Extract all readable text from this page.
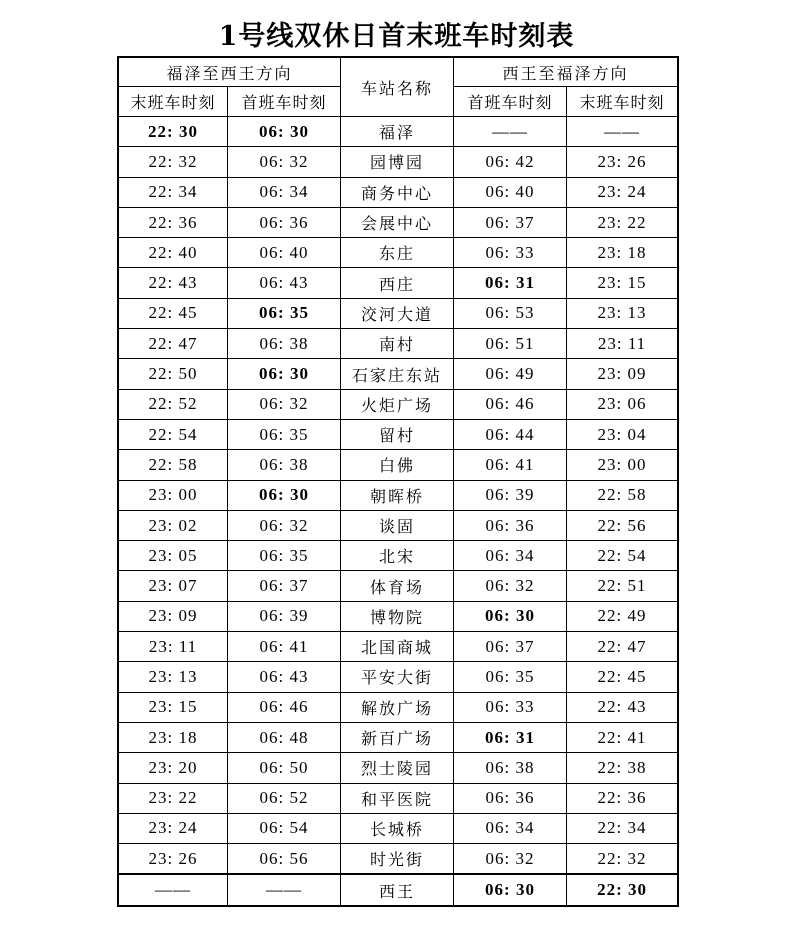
1号线双休日首末班车时刻表
福泽至西王方向		车站名称	西王至福泽方向	
末班车时刻	首班车时刻		首班车时刻	末班车时刻
22: 30	06: 30	福泽	——	——
22: 32	06: 32	园博园	06: 42	23: 26
22: 34	06: 34	商务中心	06: 40	23: 24
22: 36	06: 36	会展中心	06: 37	23: 22
22: 40	06: 40	东庄	06: 33	23: 18
22: 43	06: 43	西庄	06: 31	23: 15
22: 45	06: 35	洨河大道	06: 53	23: 13
22: 47	06: 38	南村	06: 51	23: 11
22: 50	06: 30	石家庄东站	06: 49	23: 09
22: 52	06: 32	火炬广场	06: 46	23: 06
22: 54	06: 35	留村	06: 44	23: 04
22: 58	06: 38	白佛	06: 41	23: 00
23: 00	06: 30	朝晖桥	06: 39	22: 58
23: 02	06: 32	谈固	06: 36	22: 56
23: 05	06: 35	北宋	06: 34	22: 54
23: 07	06: 37	体育场	06: 32	22: 51
23: 09	06: 39	博物院	06: 30	22: 49
23: 11	06: 41	北国商城	06: 37	22: 47
23: 13	06: 43	平安大街	06: 35	22: 45
23: 15	06: 46	解放广场	06: 33	22: 43
23: 18	06: 48	新百广场	06: 31	22: 41
23: 20	06: 50	烈士陵园	06: 38	22: 38
23: 22	06: 52	和平医院	06: 36	22: 36
23: 24	06: 54	长城桥	06: 34	22: 34
23: 26	06: 56	时光街	06: 32	22: 32
——	——	西王	06: 30	22: 30
